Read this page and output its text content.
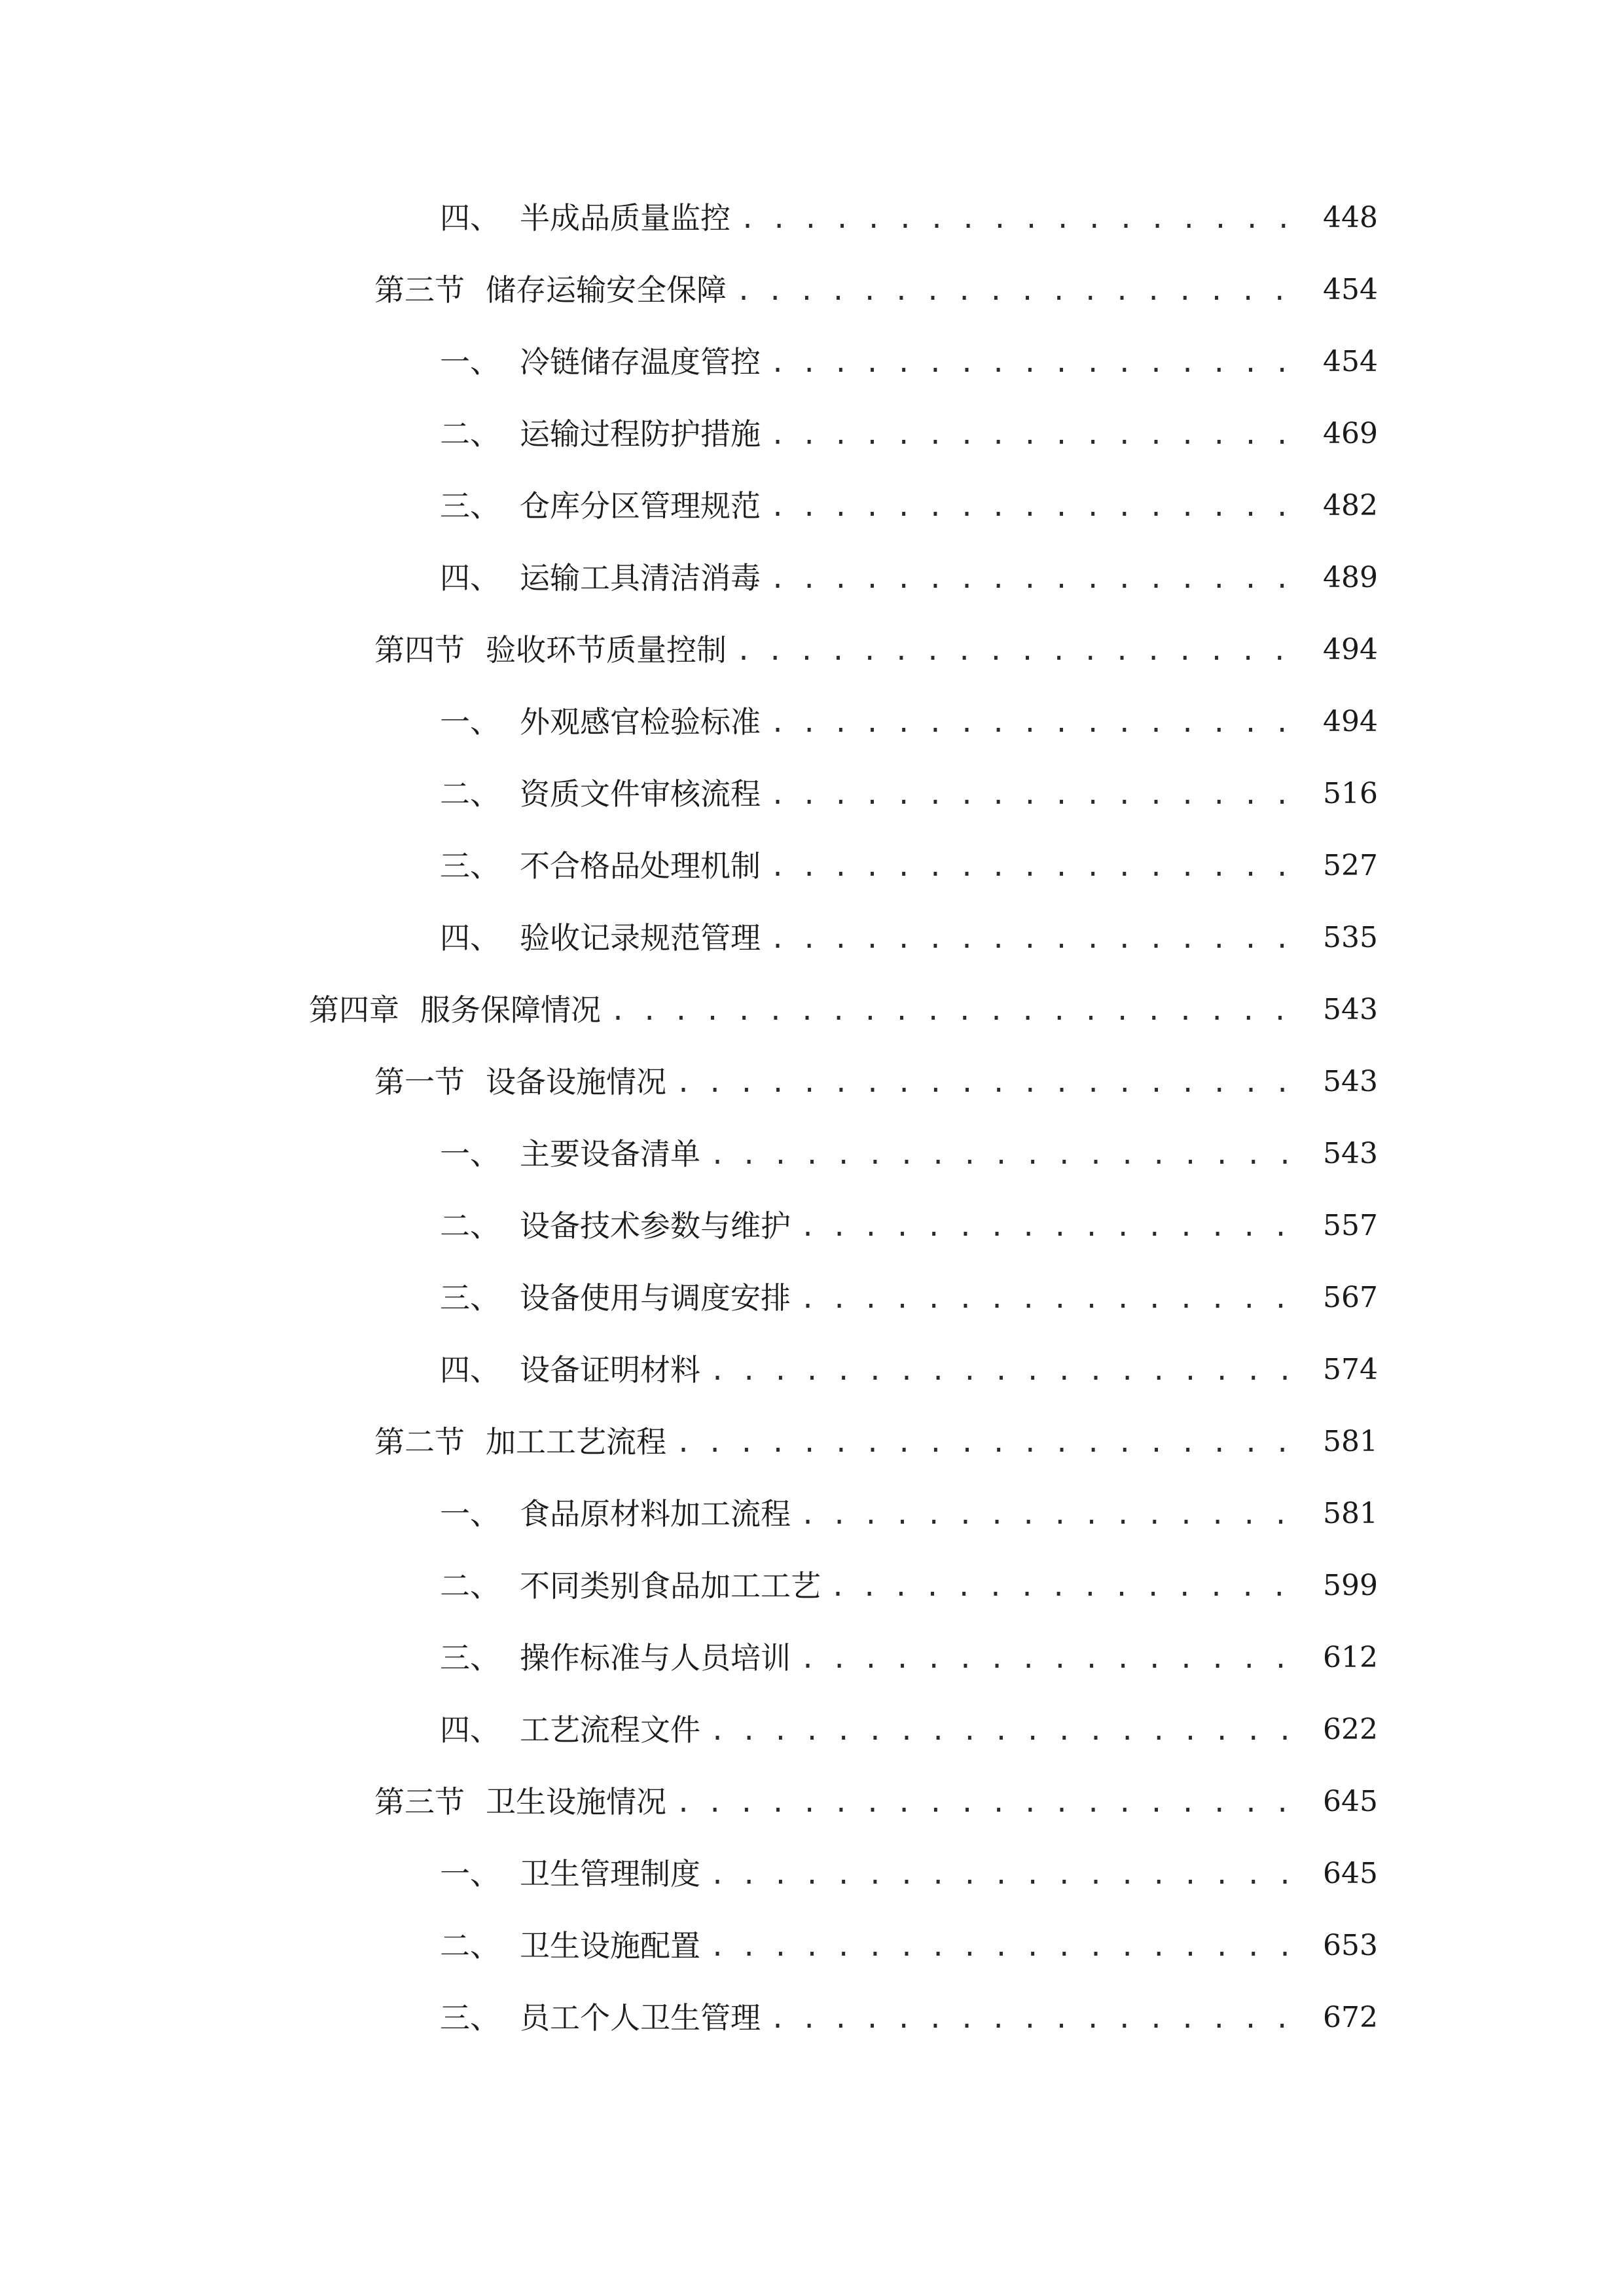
四、 半成品质量监控 . . .	448
第三节 储存运输安全保障 . . .	454
一、 冷链储存温度管控 . . .	454
二、 运输过程防护措施 . . .	469
三、 仓库分区管理规范 . . .	482
四、 运输工具清洁消毒 . . .	489
第四节 验收环节质量控制 . . .	494
一、 外观感官检验标准 . . .	494
二、 资质文件审核流程 . . .	516
三、 不合格品处理机制 . . .	527
四、 验收记录规范管理 . . .	535
第四章 服务保障情况 . . .	543
第一节 设备设施情况 . . .	543
一、 主要设备清单 . . .	543
二、 设备技术参数与维护 . . .	557
三、 设备使用与调度安排 . . .	567
四、 设备证明材料 . . .	574
第二节 加工工艺流程 . . .	581
一、 食品原材料加工流程 . . .	581
二、 不同类别食品加工工艺 . . .	599
三、 操作标准与人员培训 . . .	612
四、 工艺流程文件 . . .	622
第三节 卫生设施情况 . . .	645
一、 卫生管理制度 . . .	645
二、 卫生设施配置 . . .	653
三、 员工个人卫生管理 . . .	672
